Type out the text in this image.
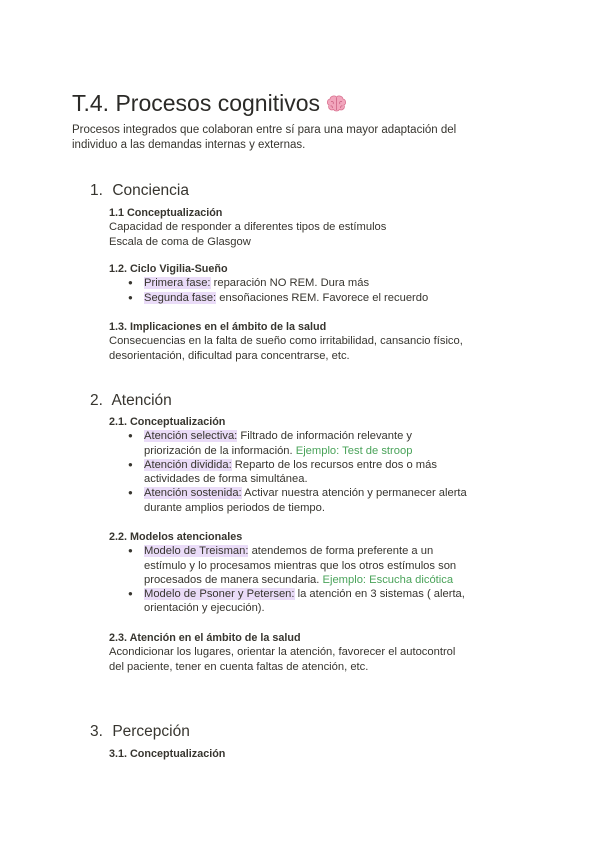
T.4. Procesos cognitivos
Procesos integrados que colaboran entre sí para una mayor adaptación del
individuo a las demandas internas y externas.
1. Conciencia
1.1 Conceptualización
Capacidad de responder a diferentes tipos de estímulos
Escala de coma de Glasgow
1.2. Ciclo Vigilia-Sueño
● Primera fase: reparación NO REM. Dura más
● Segunda fase: ensoñaciones REM. Favorece el recuerdo
1.3. Implicaciones en el ámbito de la salud
Consecuencias en la falta de sueño como irritabilidad, cansancio físico,
desorientación, dificultad para concentrarse, etc.
2. Atención
2.1. Conceptualización
● Atención selectiva: Filtrado de información relevante y
priorización de la información. Ejemplo: Test de stroop
● Atención dividida: Reparto de los recursos entre dos o más
actividades de forma simultánea.
● Atención sostenida: Activar nuestra atención y permanecer alerta
durante amplios periodos de tiempo.
2.2. Modelos atencionales
● Modelo de Treisman: atendemos de forma preferente a un
estímulo y lo procesamos mientras que los otros estímulos son
procesados de manera secundaria. Ejemplo: Escucha dicótica
● Modelo de Psoner y Petersen: la atención en 3 sistemas ( alerta,
orientación y ejecución).
2.3. Atención en el ámbito de la salud
Acondicionar los lugares, orientar la atención, favorecer el autocontrol
del paciente, tener en cuenta faltas de atención, etc.
3. Percepción
3.1. Conceptualización
